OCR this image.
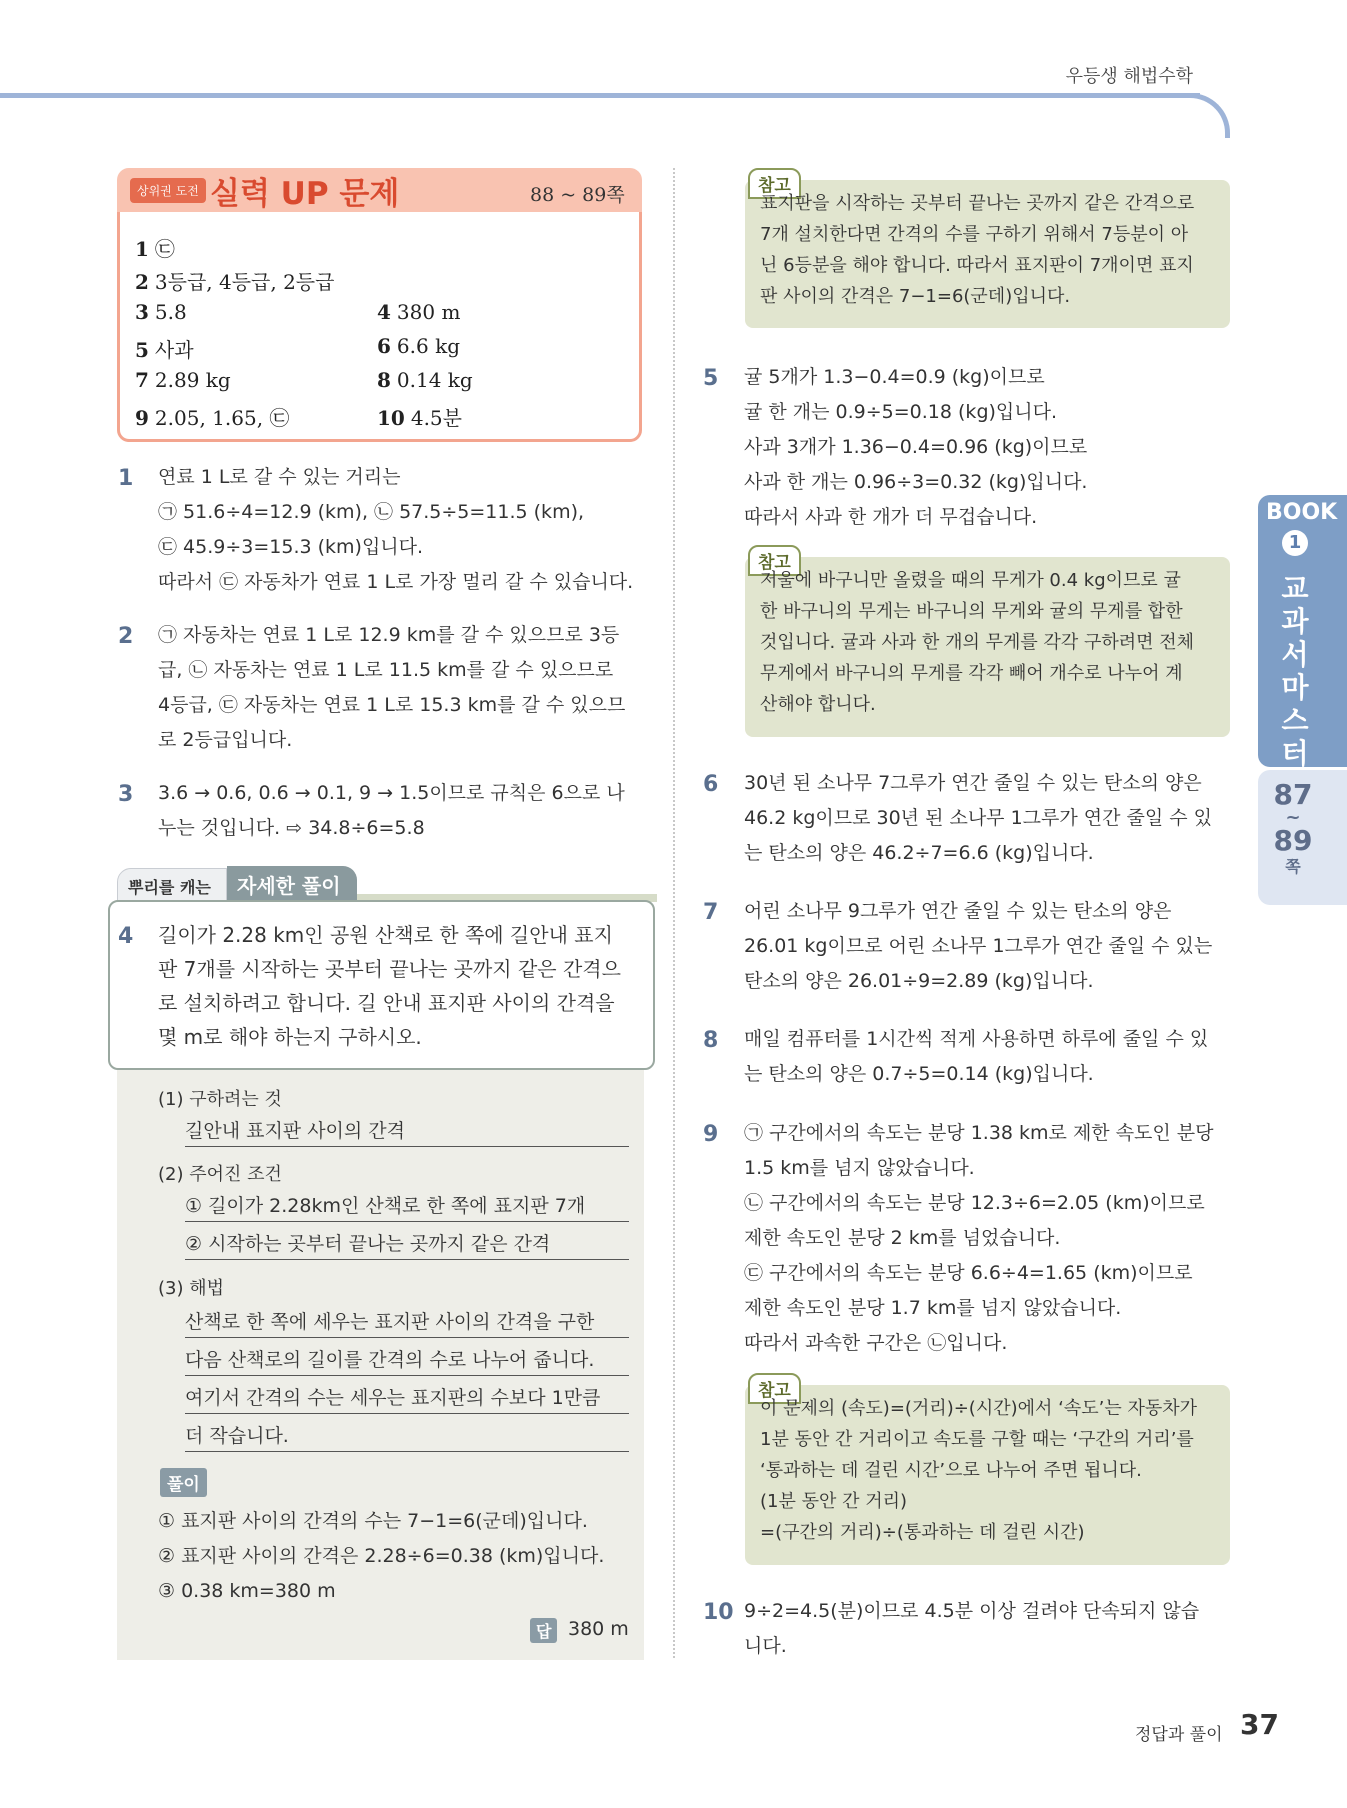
우등생 해법수학
상위권 도전 실력 UP 문제	88 ~ 89쪽
1 ㉢
2 3등급, 4등급, 2등급
3 5.8	4 380 m
5 사과	6 6.6 kg
7 2.89 kg	8 0.14 kg
9 2.05, 1.65, ㉢	10 4.5분
1 연료 1 L로 갈 수 있는 거리는
㉠ 51.6÷4=12.9 (km), ㉡ 57.5÷5=11.5 (km),
㉢ 45.9÷3=15.3 (km)입니다.
따라서 ㉢ 자동차가 연료 1 L로 가장 멀리 갈 수 있습니다.
2 ㉠ 자동차는 연료 1 L로 12.9 km를 갈 수 있으므로 3등
급, ㉡ 자동차는 연료 1 L로 11.5 km를 갈 수 있으므로
4등급, ㉢ 자동차는 연료 1 L로 15.3 km를 갈 수 있으므
로 2등급입니다.
3 3.6 → 0.6, 0.6 → 0.1, 9 → 1.5이므로 규칙은 6으로 나
누는 것입니다. ⇨ 34.8÷6=5.8
뿌리를 캐는	자세한 풀이
4 길이가 2.28 km인 공원 산책로 한 쪽에 길안내 표지
판 7개를 시작하는 곳부터 끝나는 곳까지 같은 간격으
로 설치하려고 합니다. 길 안내 표지판 사이의 간격을
몇 m로 해야 하는지 구하시오.
(1) 구하려는 것
길안내 표지판 사이의 간격
(2) 주어진 조건
① 길이가 2.28km인 산책로 한 쪽에 표지판 7개
② 시작하는 곳부터 끝나는 곳까지 같은 간격
(3) 해법
산책로 한 쪽에 세우는 표지판 사이의 간격을 구한
다음 산책로의 길이를 간격의 수로 나누어 줍니다.
여기서 간격의 수는 세우는 표지판의 수보다 1만큼
더 작습니다.
풀이
① 표지판 사이의 간격의 수는 7−1=6(군데)입니다.
② 표지판 사이의 간격은 2.28÷6=0.38 (km)입니다.
③ 0.38 km=380 m
답 380 m
참고
표지판을 시작하는 곳부터 끝나는 곳까지 같은 간격으로
7개 설치한다면 간격의 수를 구하기 위해서 7등분이 아
닌 6등분을 해야 합니다. 따라서 표지판이 7개이면 표지
판 사이의 간격은 7−1=6(군데)입니다.
5 귤 5개가 1.3−0.4=0.9 (kg)이므로
귤 한 개는 0.9÷5=0.18 (kg)입니다.
사과 3개가 1.36−0.4=0.96 (kg)이므로
사과 한 개는 0.96÷3=0.32 (kg)입니다.
따라서 사과 한 개가 더 무겁습니다.
참고
저울에 바구니만 올렸을 때의 무게가 0.4 kg이므로 귤
한 바구니의 무게는 바구니의 무게와 귤의 무게를 합한
것입니다. 귤과 사과 한 개의 무게를 각각 구하려면 전체
무게에서 바구니의 무게를 각각 빼어 개수로 나누어 계
산해야 합니다.
6 30년 된 소나무 7그루가 연간 줄일 수 있는 탄소의 양은
46.2 kg이므로 30년 된 소나무 1그루가 연간 줄일 수 있
는 탄소의 양은 46.2÷7=6.6 (kg)입니다.
7 어린 소나무 9그루가 연간 줄일 수 있는 탄소의 양은
26.01 kg이므로 어린 소나무 1그루가 연간 줄일 수 있는
탄소의 양은 26.01÷9=2.89 (kg)입니다.
8 매일 컴퓨터를 1시간씩 적게 사용하면 하루에 줄일 수 있
는 탄소의 양은 0.7÷5=0.14 (kg)입니다.
9 ㉠ 구간에서의 속도는 분당 1.38 km로 제한 속도인 분당
1.5 km를 넘지 않았습니다.
㉡ 구간에서의 속도는 분당 12.3÷6=2.05 (km)이므로
제한 속도인 분당 2 km를 넘었습니다.
㉢ 구간에서의 속도는 분당 6.6÷4=1.65 (km)이므로
제한 속도인 분당 1.7 km를 넘지 않았습니다.
따라서 과속한 구간은 ㉡입니다.
참고
이 문제의 (속도)=(거리)÷(시간)에서 ‘속도’는 자동차가
1분 동안 간 거리이고 속도를 구할 때는 ‘구간의 거리’를
‘통과하는 데 걸린 시간’으로 나누어 주면 됩니다.
(1분 동안 간 거리)
=(구간의 거리)÷(통과하는 데 걸린 시간)
10 9÷2=4.5(분)이므로 4.5분 이상 걸려야 단속되지 않습
니다.
BOOK
1
교과서마스터
87
~
89
쪽
정답과 풀이 37
